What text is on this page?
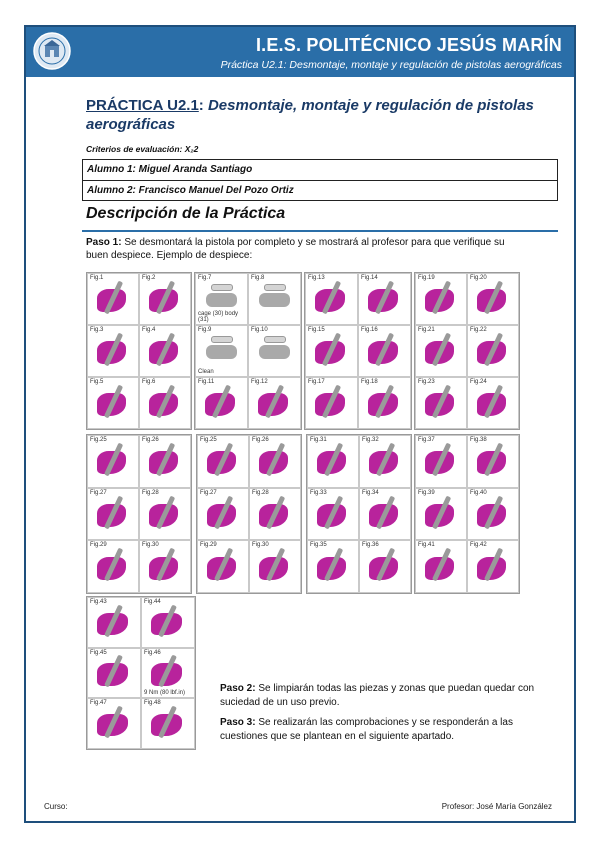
I.E.S. POLITÉCNICO JESÚS MARÍN
Práctica U2.1: Desmontaje, montaje y regulación de pistolas aerográficas
PRÁCTICA U2.1: Desmontaje, montaje y regulación de pistolas aerográficas
Criterios de evaluación: X₂2
Alumno 1: Miguel Aranda Santiago
Alumno 2: Francisco Manuel Del Pozo Ortiz
Descripción de la Práctica
Paso 1: Se desmontará la pistola por completo y se mostrará al profesor para que verifique su buen despiece. Ejemplo de despiece:
Fig.1	Fig.2
Fig.3	Fig.4
Fig.5	Fig.6
Fig.7
cage (30) body (31)
Fig.8
Fig.9
Clean
Fig.10
Fig.11	Fig.12
Fig.13	Fig.14
Fig.15	Fig.16
Fig.17	Fig.18
Fig.19	Fig.20
Fig.21	Fig.22
Fig.23	Fig.24
Fig.25	Fig.26
Fig.27	Fig.28
Fig.29	Fig.30
Fig.25	Fig.26
Fig.27	Fig.28
Fig.29	Fig.30
Fig.31	Fig.32
Fig.33	Fig.34
Fig.35	Fig.36
Fig.37	Fig.38
Fig.39	Fig.40
Fig.41	Fig.42
Fig.43	Fig.44
Fig.45	Fig.46
9 Nm (80 lbf.in)
Fig.47	Fig.48

Paso 2: Se limpiarán todas las piezas y zonas que puedan quedar con suciedad de un uso previo.

Paso 3: Se realizarán las comprobaciones y se responderán a las cuestiones que se plantean en el siguiente apartado.

Curso:	Profesor: José María González
